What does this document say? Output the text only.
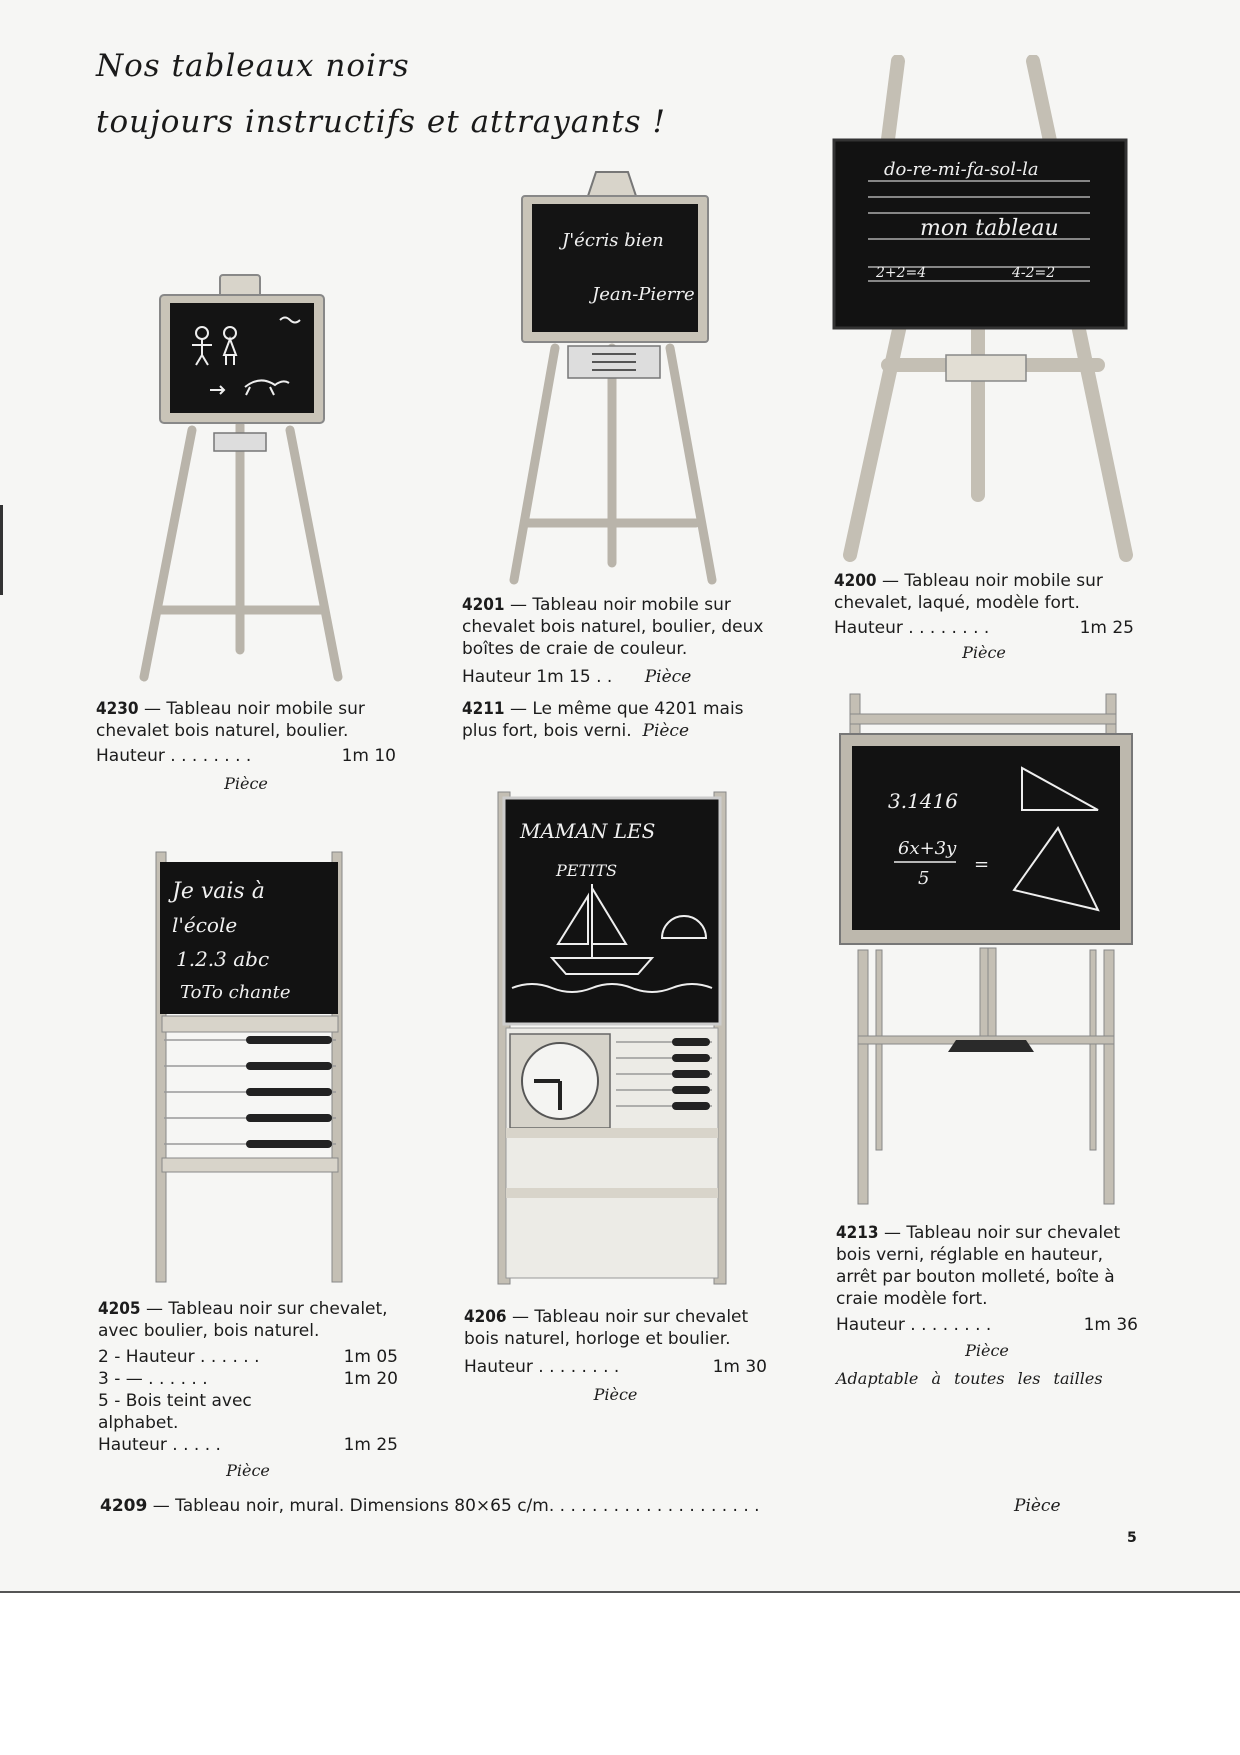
Nos tableaux noirs
toujours instructifs et attrayants !
J'écris bien
Jean-Pierre
do-re-mi-fa-sol-la
mon tableau
2+2=4	4-2=2
Je vais à
l'école
1.2.3 abc
ToTo chante
MAMAN LES
PETITS
3.1416
6x+3y
5
=
4230 — Tableau noir mobile sur chevalet bois naturel, boulier.
Hauteur . . . . . . . .	1m 10
Pièce
4201 — Tableau noir mobile sur chevalet bois naturel, boulier, deux boîtes de craie de couleur.
Hauteur 1m 15 . . Pièce
4211 — Le même que 4201 mais plus fort, bois verni. Pièce
4200 — Tableau noir mobile sur chevalet, laqué, modèle fort.
Hauteur . . . . . . . .	1m 25
Pièce
4205 — Tableau noir sur chevalet, avec boulier, bois naturel.
2 - Hauteur . . . . . .	1m 05
3 - — . . . . . .	1m 20
5 - Bois teint avec alphabet.
Hauteur . . . . .	1m 25
Pièce
4206 — Tableau noir sur chevalet bois naturel, horloge et boulier.
Hauteur . . . . . . . .	1m 30
Pièce
4213 — Tableau noir sur chevalet bois verni, réglable en hauteur, arrêt par bouton molleté, boîte à craie modèle fort.
Hauteur . . . . . . . .	1m 36
Pièce
Adaptable à toutes les tailles
4209 — Tableau noir, mural. Dimensions 80×65 c/m. . . . . . . . . . . . . . . . . . . .	Pièce
5
